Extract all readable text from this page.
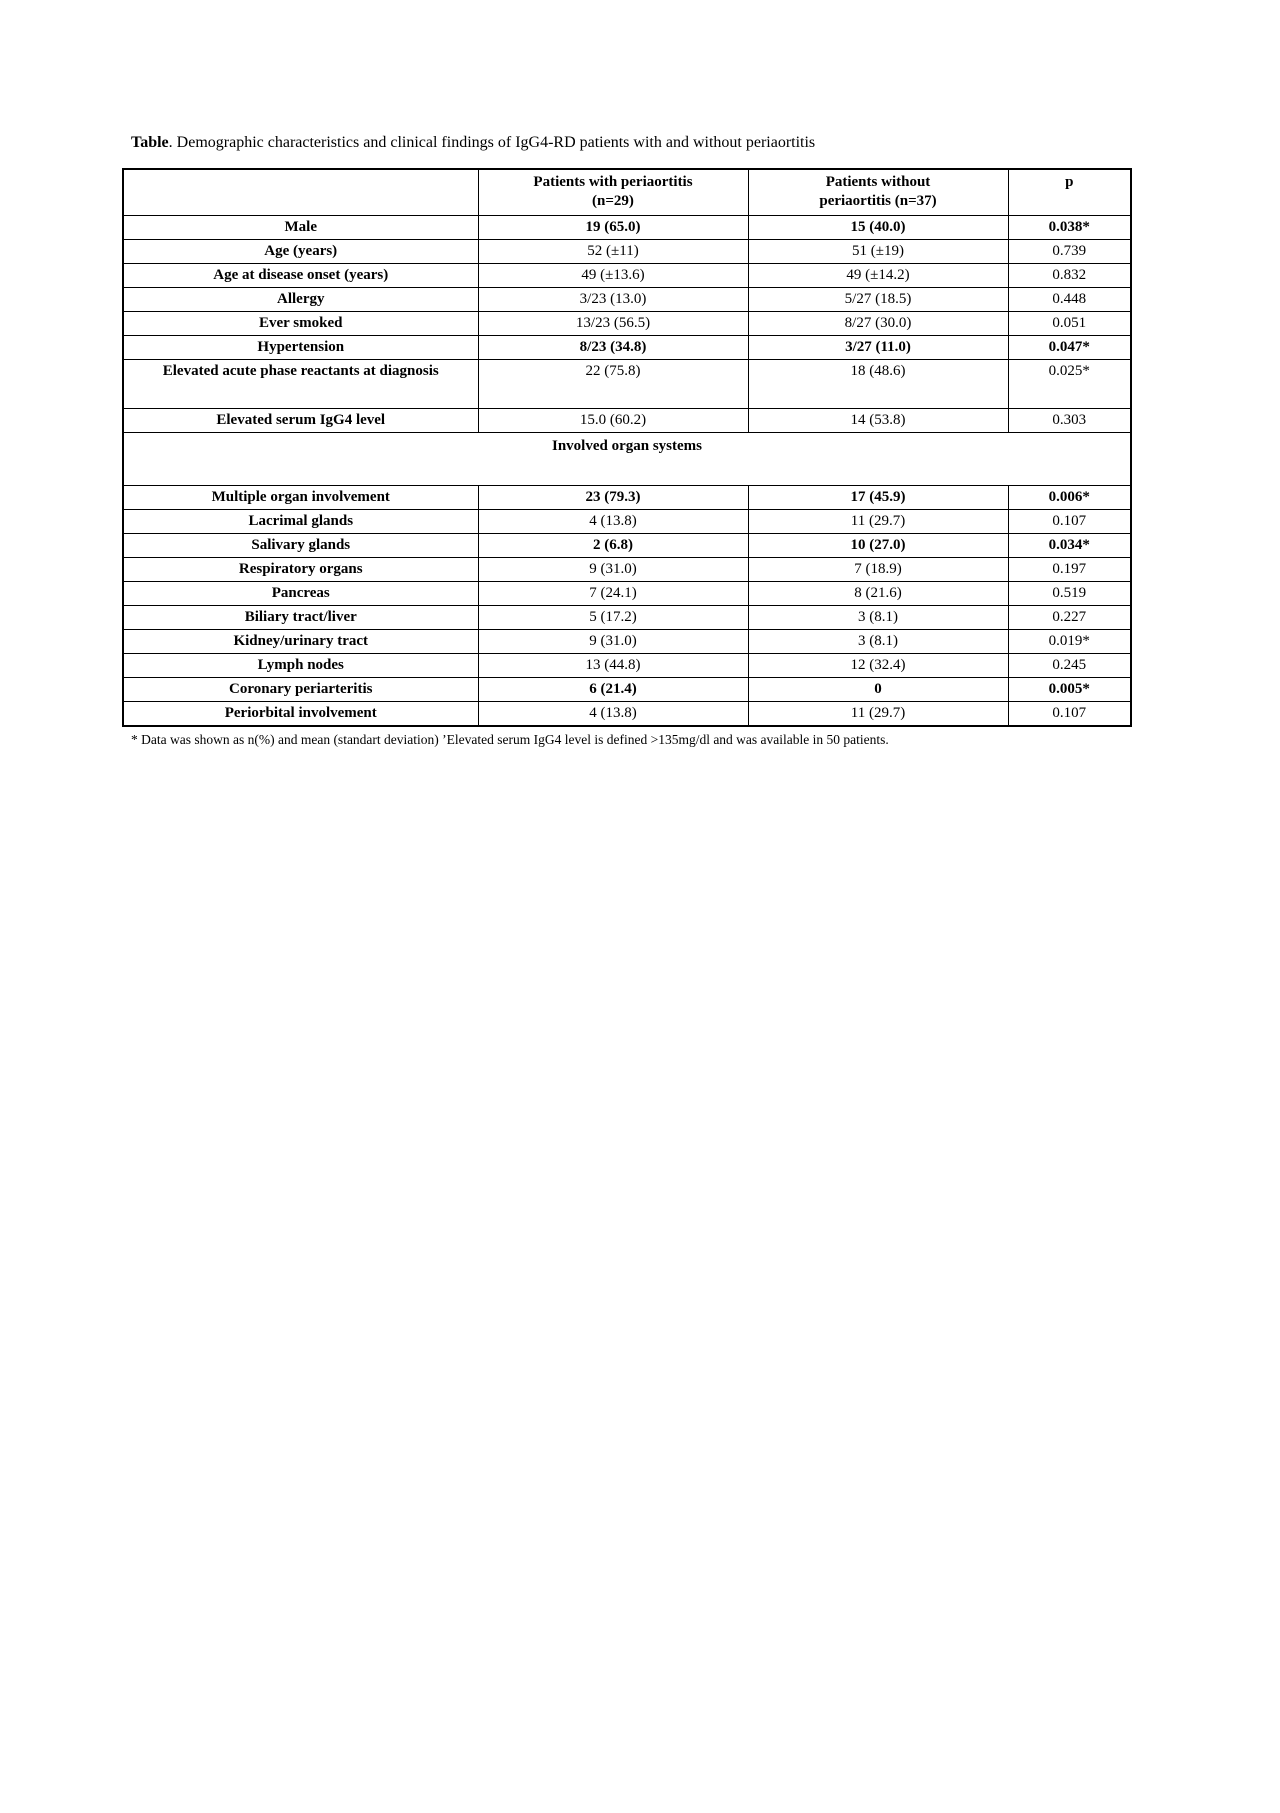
Table. Demographic characteristics and clinical findings of IgG4-RD patients with and without periaortitis
	Patients with periaortitis (n=29)	Patients without periaortitis (n=37)	p
Male	19 (65.0)	15 (40.0)	0.038*
Age (years)	52 (±11)	51 (±19)	0.739
Age at disease onset (years)	49 (±13.6)	49 (±14.2)	0.832
Allergy	3/23 (13.0)	5/27 (18.5)	0.448
Ever smoked	13/23 (56.5)	8/27 (30.0)	0.051
Hypertension	8/23 (34.8)	3/27 (11.0)	0.047*
Elevated acute phase reactants at diagnosis	22 (75.8)	18 (48.6)	0.025*
Elevated serum IgG4 level	15.0 (60.2)	14 (53.8)	0.303
Involved organ systems			
Multiple organ involvement	23 (79.3)	17 (45.9)	0.006*
Lacrimal glands	4 (13.8)	11 (29.7)	0.107
Salivary glands	2 (6.8)	10 (27.0)	0.034*
Respiratory organs	9 (31.0)	7 (18.9)	0.197
Pancreas	7 (24.1)	8 (21.6)	0.519
Biliary tract/liver	5 (17.2)	3 (8.1)	0.227
Kidney/urinary tract	9 (31.0)	3 (8.1)	0.019*
Lymph nodes	13 (44.8)	12 (32.4)	0.245
Coronary periarteritis	6 (21.4)	0	0.005*
Periorbital involvement	4 (13.8)	11 (29.7)	0.107
* Data was shown as n(%) and mean (standart deviation) ’Elevated serum IgG4 level is defined >135mg/dl and was available in 50 patients.
